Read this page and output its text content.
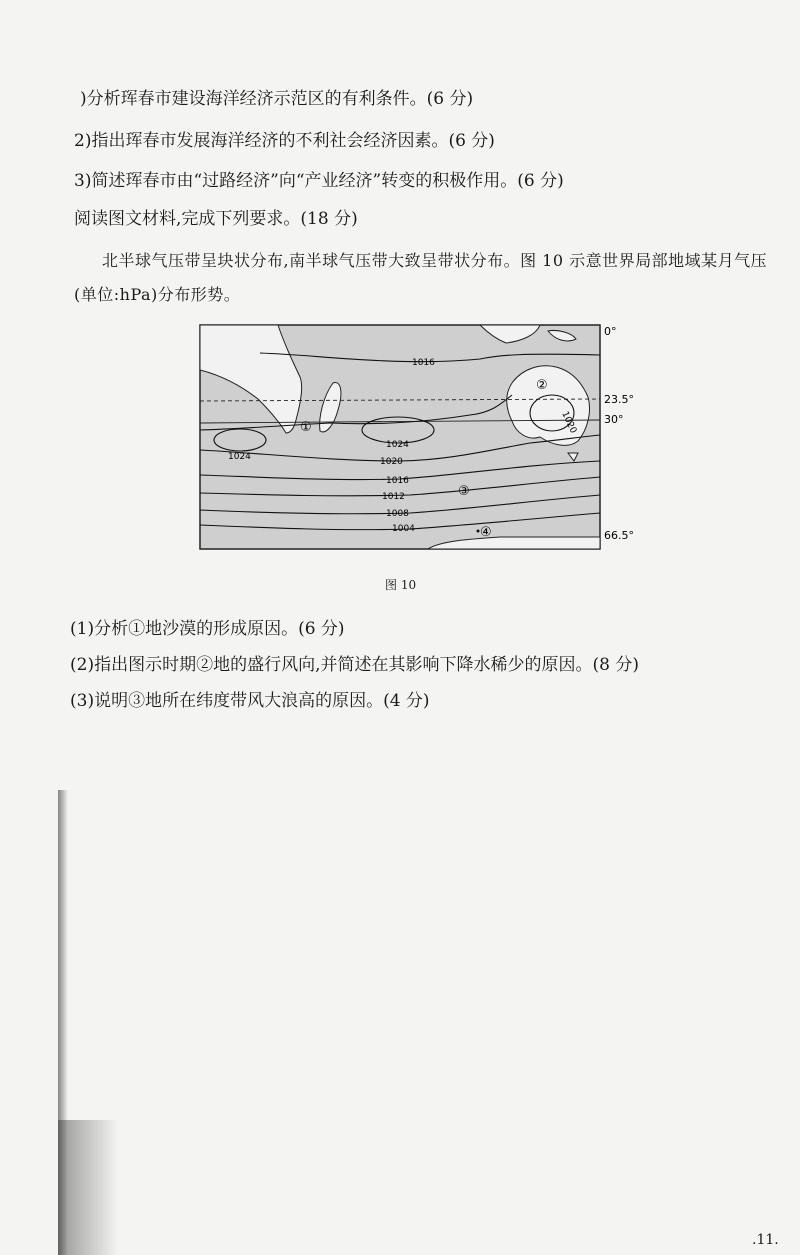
)分析珲春市建设海洋经济示范区的有利条件。(6 分)
2)指出珲春市发展海洋经济的不利社会经济因素。(6 分)
3)简述珲春市由“过路经济”向“产业经济”转变的积极作用。(6 分)
阅读图文材料,完成下列要求。(18 分)
北半球气压带呈块状分布,南半球气压带大致呈带状分布。图 10 示意世界局部地域某月气压(单位:hPa)分布形势。
0°
23.5°
30°
66.5°
1016
1020
1024
1024
1020
1016
1012
1008
1004
①
②
③
④
图 10
(1)分析①地沙漠的形成原因。(6 分)
(2)指出图示时期②地的盛行风向,并简述在其影响下降水稀少的原因。(8 分)
(3)说明③地所在纬度带风大浪高的原因。(4 分)
.11.
